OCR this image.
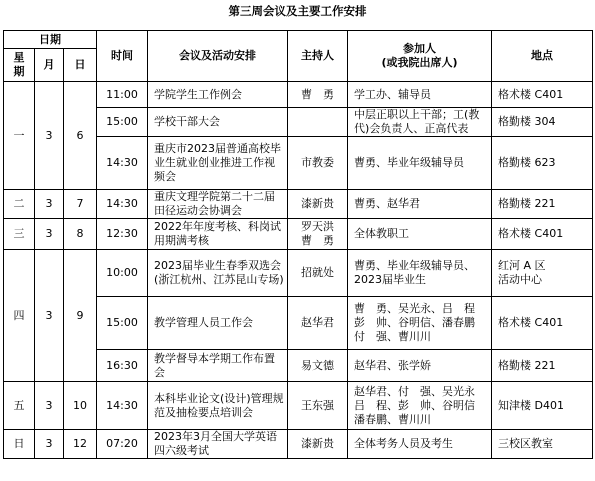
第三周会议及主要工作安排
日期			时间	会议及活动安排	主持人	参加人
(或我院出席人)	地点
星
期	月	日					
一	3	6	11:00	学院学生工作例会	曹　勇	学工办、辅导员	格术楼 C401
			15:00	学校干部大会		中层正职以上干部；工(教代)会负责人、正高代表	格勤楼 304
			14:30	重庆市2023届普通高校毕业生就业创业推进工作视频会	市教委	曹勇、毕业年级辅导员	格勤楼 623
二	3	7	14:30	重庆文理学院第二十二届田径运动会协调会	漆新贵	曹勇、赵华君	格勤楼 221
三	3	8	12:30	2022年年度考核、科岗试用期满考核	罗天洪
曹　勇	全体教职工	格术楼 C401
四	3	9	10:00	2023届毕业生春季双选会(浙江杭州、江苏昆山专场)	招就处	曹勇、毕业年级辅导员、2023届毕业生	红河 A 区
活动中心
			15:00	教学管理人员工作会	赵华君	曹　勇、吴光永、吕　程
彭　帅、谷明信、潘春鹏
付　强、曹川川	格术楼 C401
			16:30	教学督导本学期工作布置会	易文德	赵华君、张学娇	格勤楼 221
五	3	10	14:30	本科毕业论文(设计)管理规范及抽检要点培训会	王东强	赵华君、付　强、吴光永
吕　程、彭　帅、谷明信
潘春鹏、曹川川	知津楼 D401
日	3	12	07:20	2023年3月全国大学英语四六级考试	漆新贵	全体考务人员及考生	三校区教室
